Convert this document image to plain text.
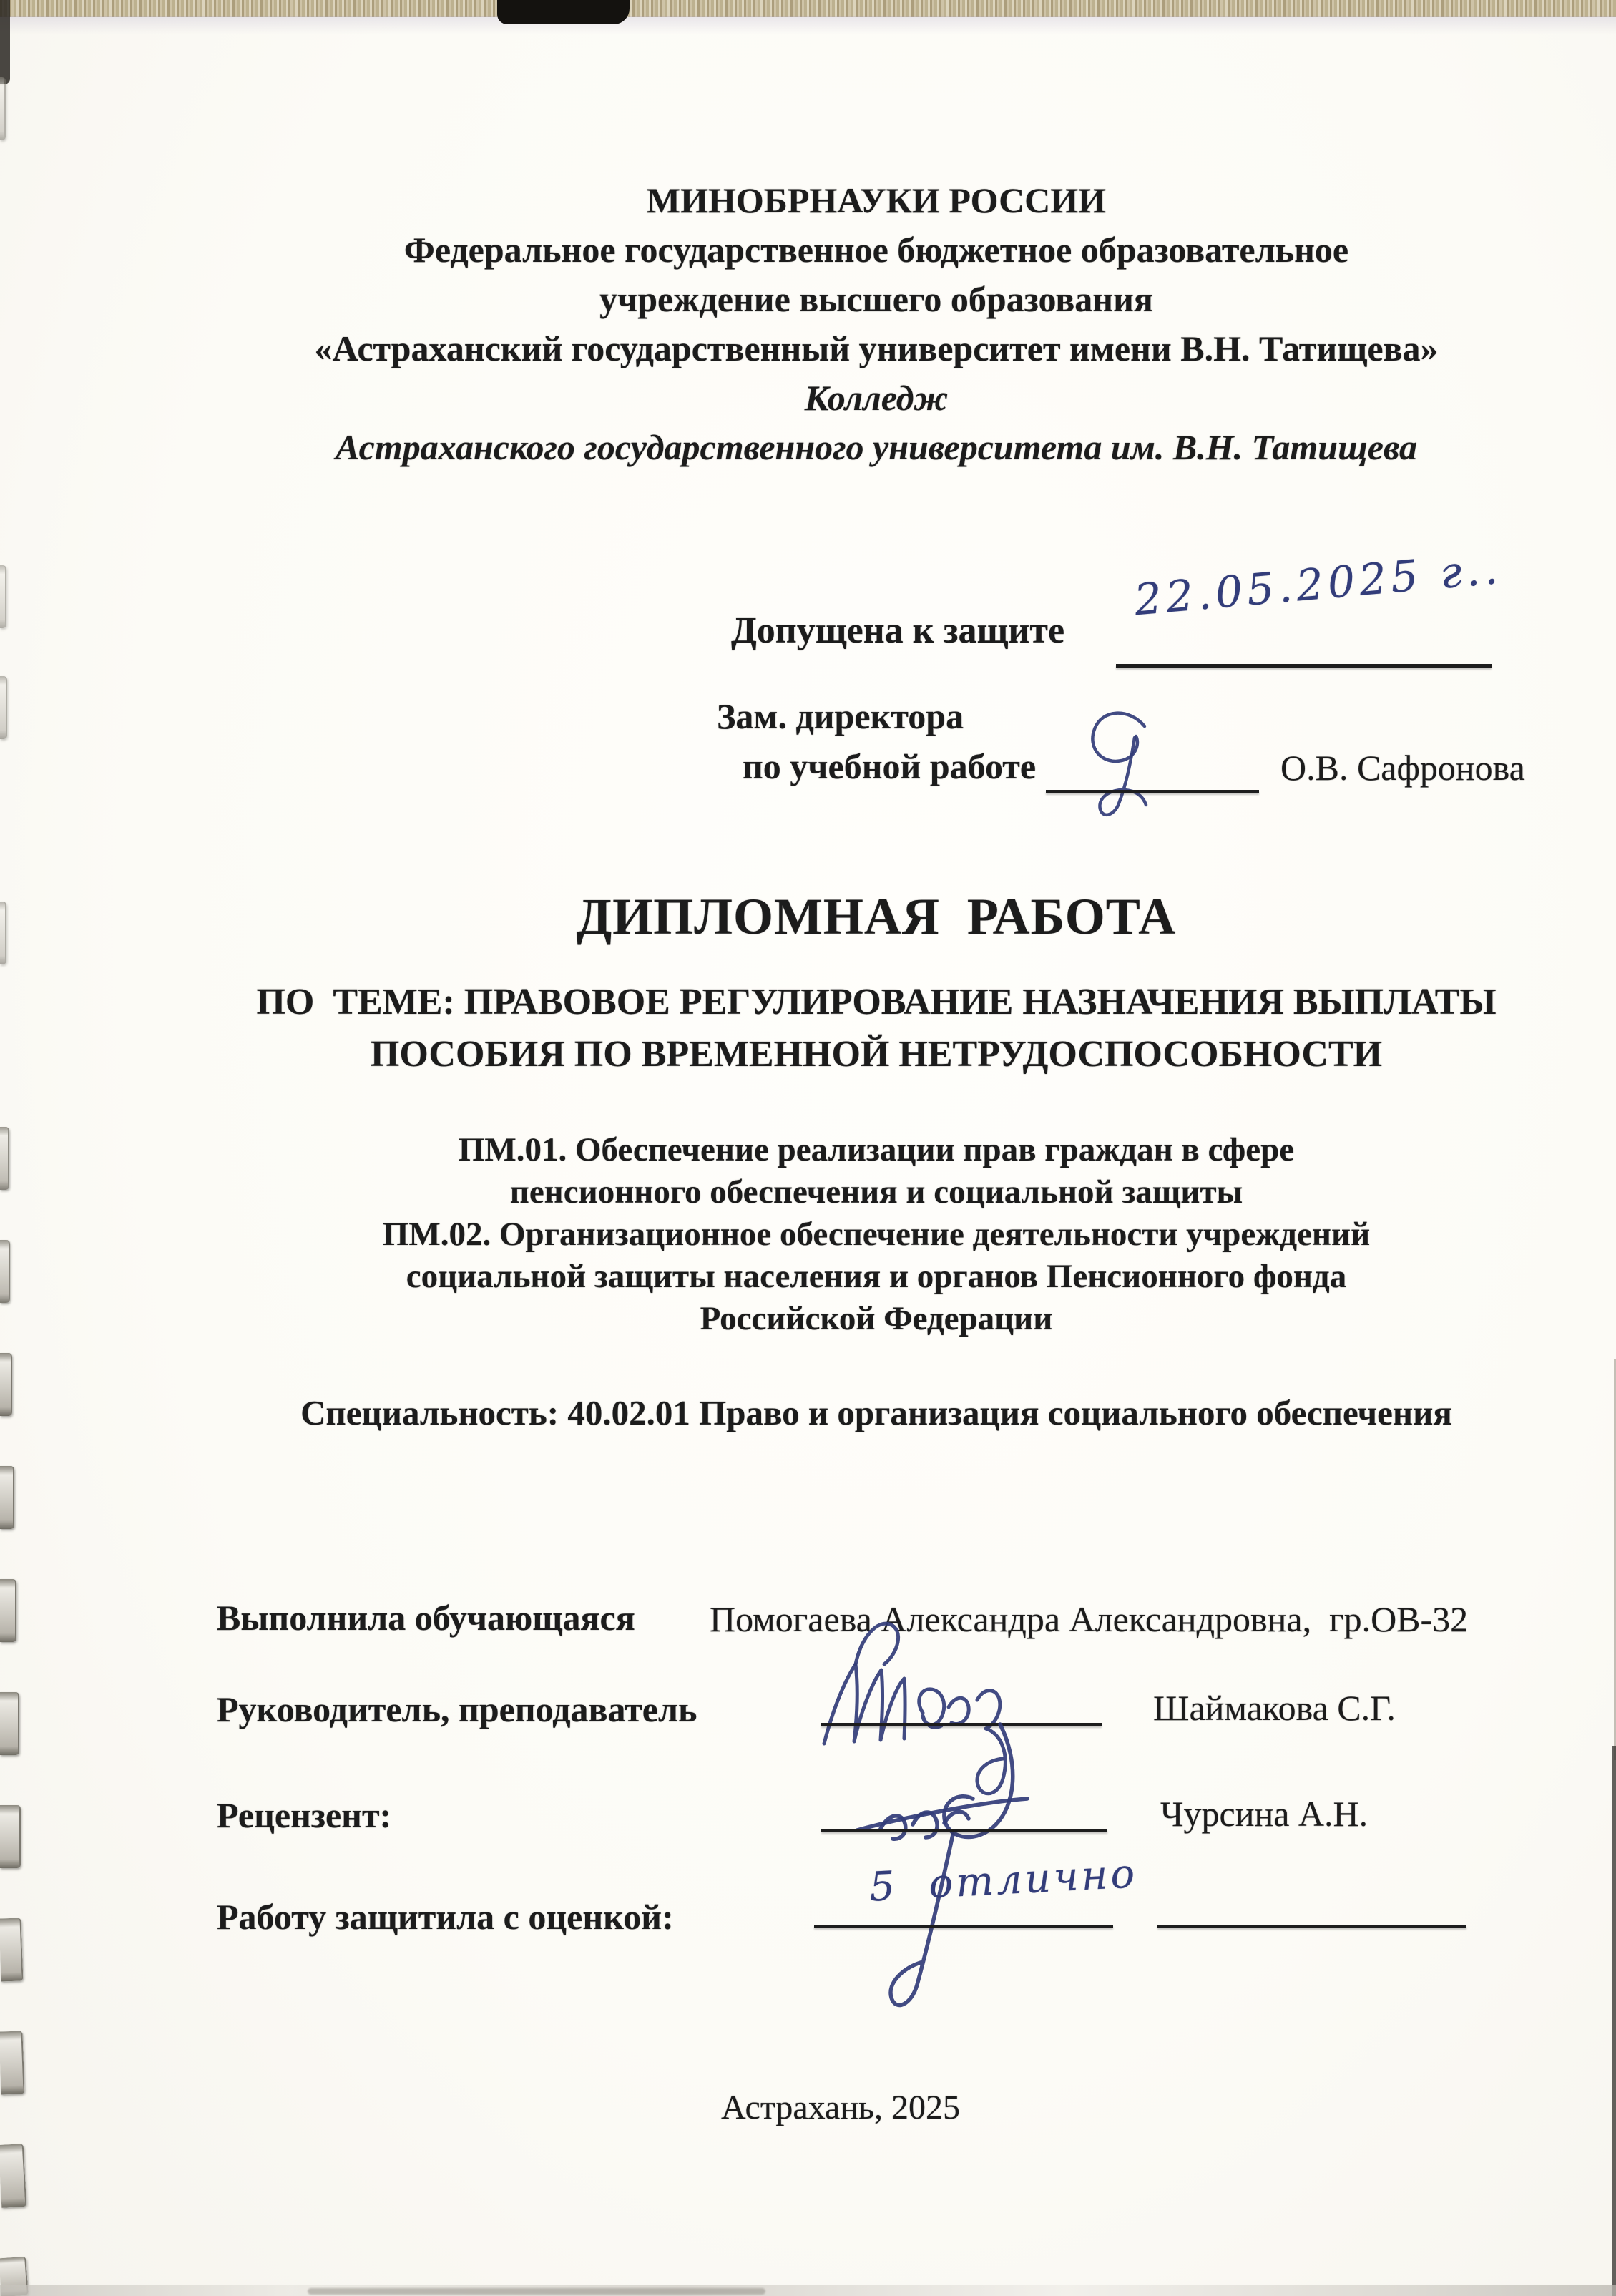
МИНОБРНАУКИ РОССИИ
Федеральное государственное бюджетное образовательное
учреждение высшего образования
«Астраханский государственный университет имени В.Н. Татищева»
Колледж
Астраханского государственного университета им. В.Н. Татищева
Допущена к защите
22.05.2025 г..
Зам. директора
по учебной работе	О.В. Сафронова
ДИПЛОМНАЯ  РАБОТА
ПО  ТЕМЕ: ПРАВОВОЕ РЕГУЛИРОВАНИЕ НАЗНАЧЕНИЯ ВЫПЛАТЫ
ПОСОБИЯ ПО ВРЕМЕННОЙ НЕТРУДОСПОСОБНОСТИ
ПМ.01. Обеспечение реализации прав граждан в сфере
пенсионного обеспечения и социальной защиты
ПМ.02. Организационное обеспечение деятельности учреждений
социальной защиты населения и органов Пенсионного фонда
Российской Федерации
Специальность: 40.02.01 Право и организация социального обеспечения
Выполнила обучающаяся Помогаева Александра Александровна,  гр.ОВ-32
Руководитель, преподаватель	Шаймакова С.Г.
Рецензент:	Чурсина А.Н.
Работу защитила с оценкой:
5  отлично
Астрахань, 2025
